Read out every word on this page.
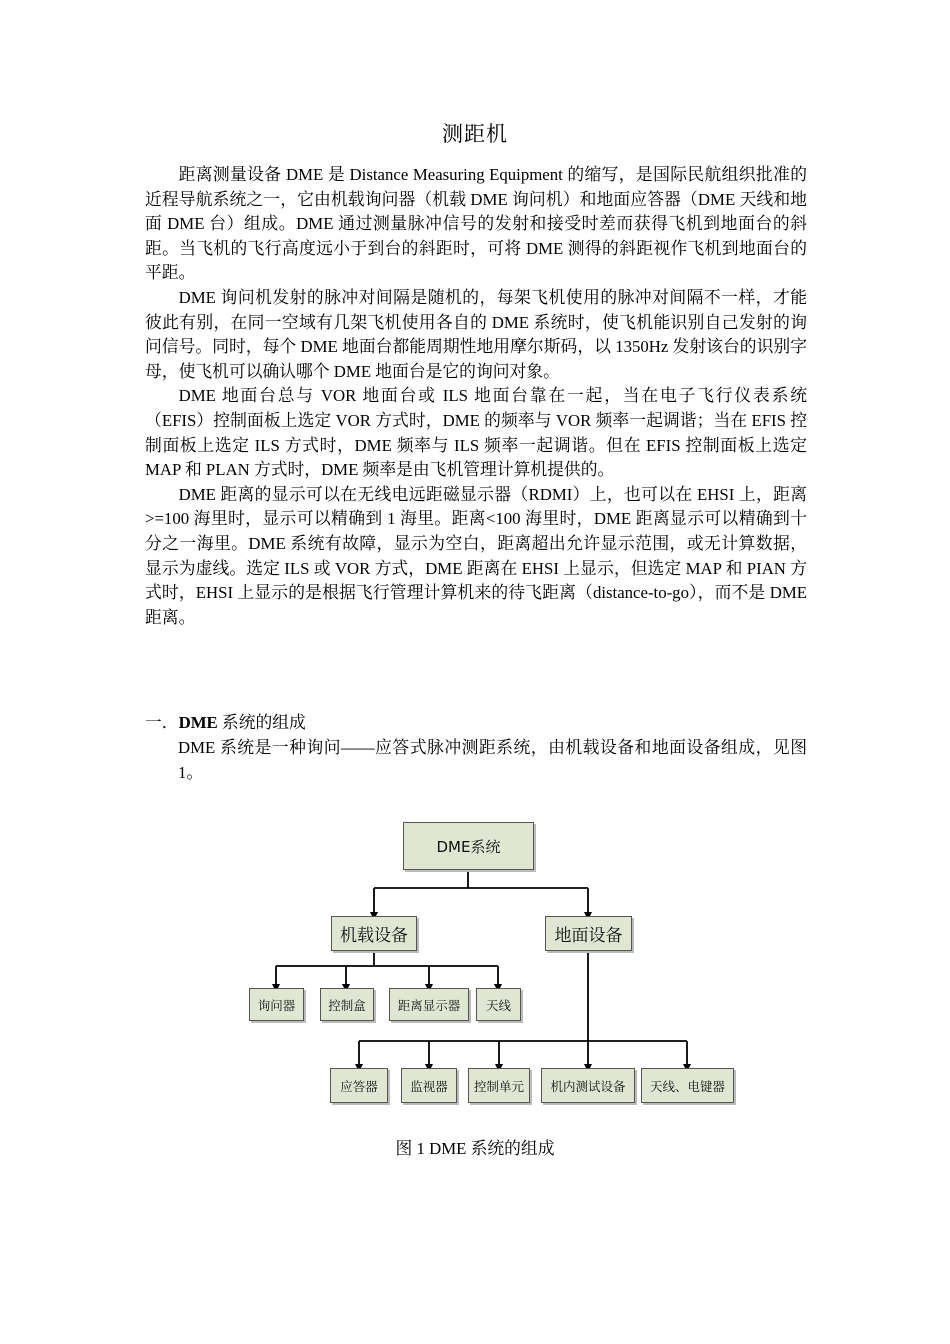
测距机

距离测量设备 DME 是 Distance Measuring Equipment 的缩写，是国际民航组织批准的近程导航系统之一，它由机载询问器（机载 DME 询问机）和地面应答器（DME 天线和地面 DME 台）组成。DME 通过测量脉冲信号的发射和接受时差而获得飞机到地面台的斜距。当飞机的飞行高度远小于到台的斜距时，可将 DME 测得的斜距视作飞机到地面台的平距。

DME 询问机发射的脉冲对间隔是随机的，每架飞机使用的脉冲对间隔不一样，才能彼此有别，在同一空域有几架飞机使用各自的 DME 系统时，使飞机能识别自己发射的询问信号。同时，每个 DME 地面台都能周期性地用摩尔斯码，以 1350Hz 发射该台的识别字母，使飞机可以确认哪个 DME 地面台是它的询问对象。

DME 地面台总与 VOR 地面台或 ILS 地面台靠在一起，当在电子飞行仪表系统（EFIS）控制面板上选定 VOR 方式时，DME 的频率与 VOR 频率一起调谐；当在 EFIS 控制面板上选定 ILS 方式时，DME 频率与 ILS 频率一起调谐。但在 EFIS 控制面板上选定 MAP 和 PLAN 方式时，DME 频率是由飞机管理计算机提供的。

DME 距离的显示可以在无线电远距磁显示器（RDMI）上，也可以在 EHSI 上，距离>=100 海里时，显示可以精确到 1 海里。距离<100 海里时，DME 距离显示可以精确到十分之一海里。DME 系统有故障，显示为空白，距离超出允许显示范围，或无计算数据，显示为虚线。选定 ILS 或 VOR 方式，DME 距离在 EHSI 上显示，但选定 MAP 和 PIAN 方式时，EHSI 上显示的是根据飞行管理计算机来的待飞距离（distance-to-go），而不是 DME 距离。

一．DME 系统的组成

DME 系统是一种询问——应答式脉冲测距系统，由机载设备和地面设备组成，见图 1。

DME系统
机载设备	地面设备
询问器	控制盒	距离显示器	天线
应答器	监视器	控制单元	机内测试设备	天线、电键器
图 1 DME 系统的组成
